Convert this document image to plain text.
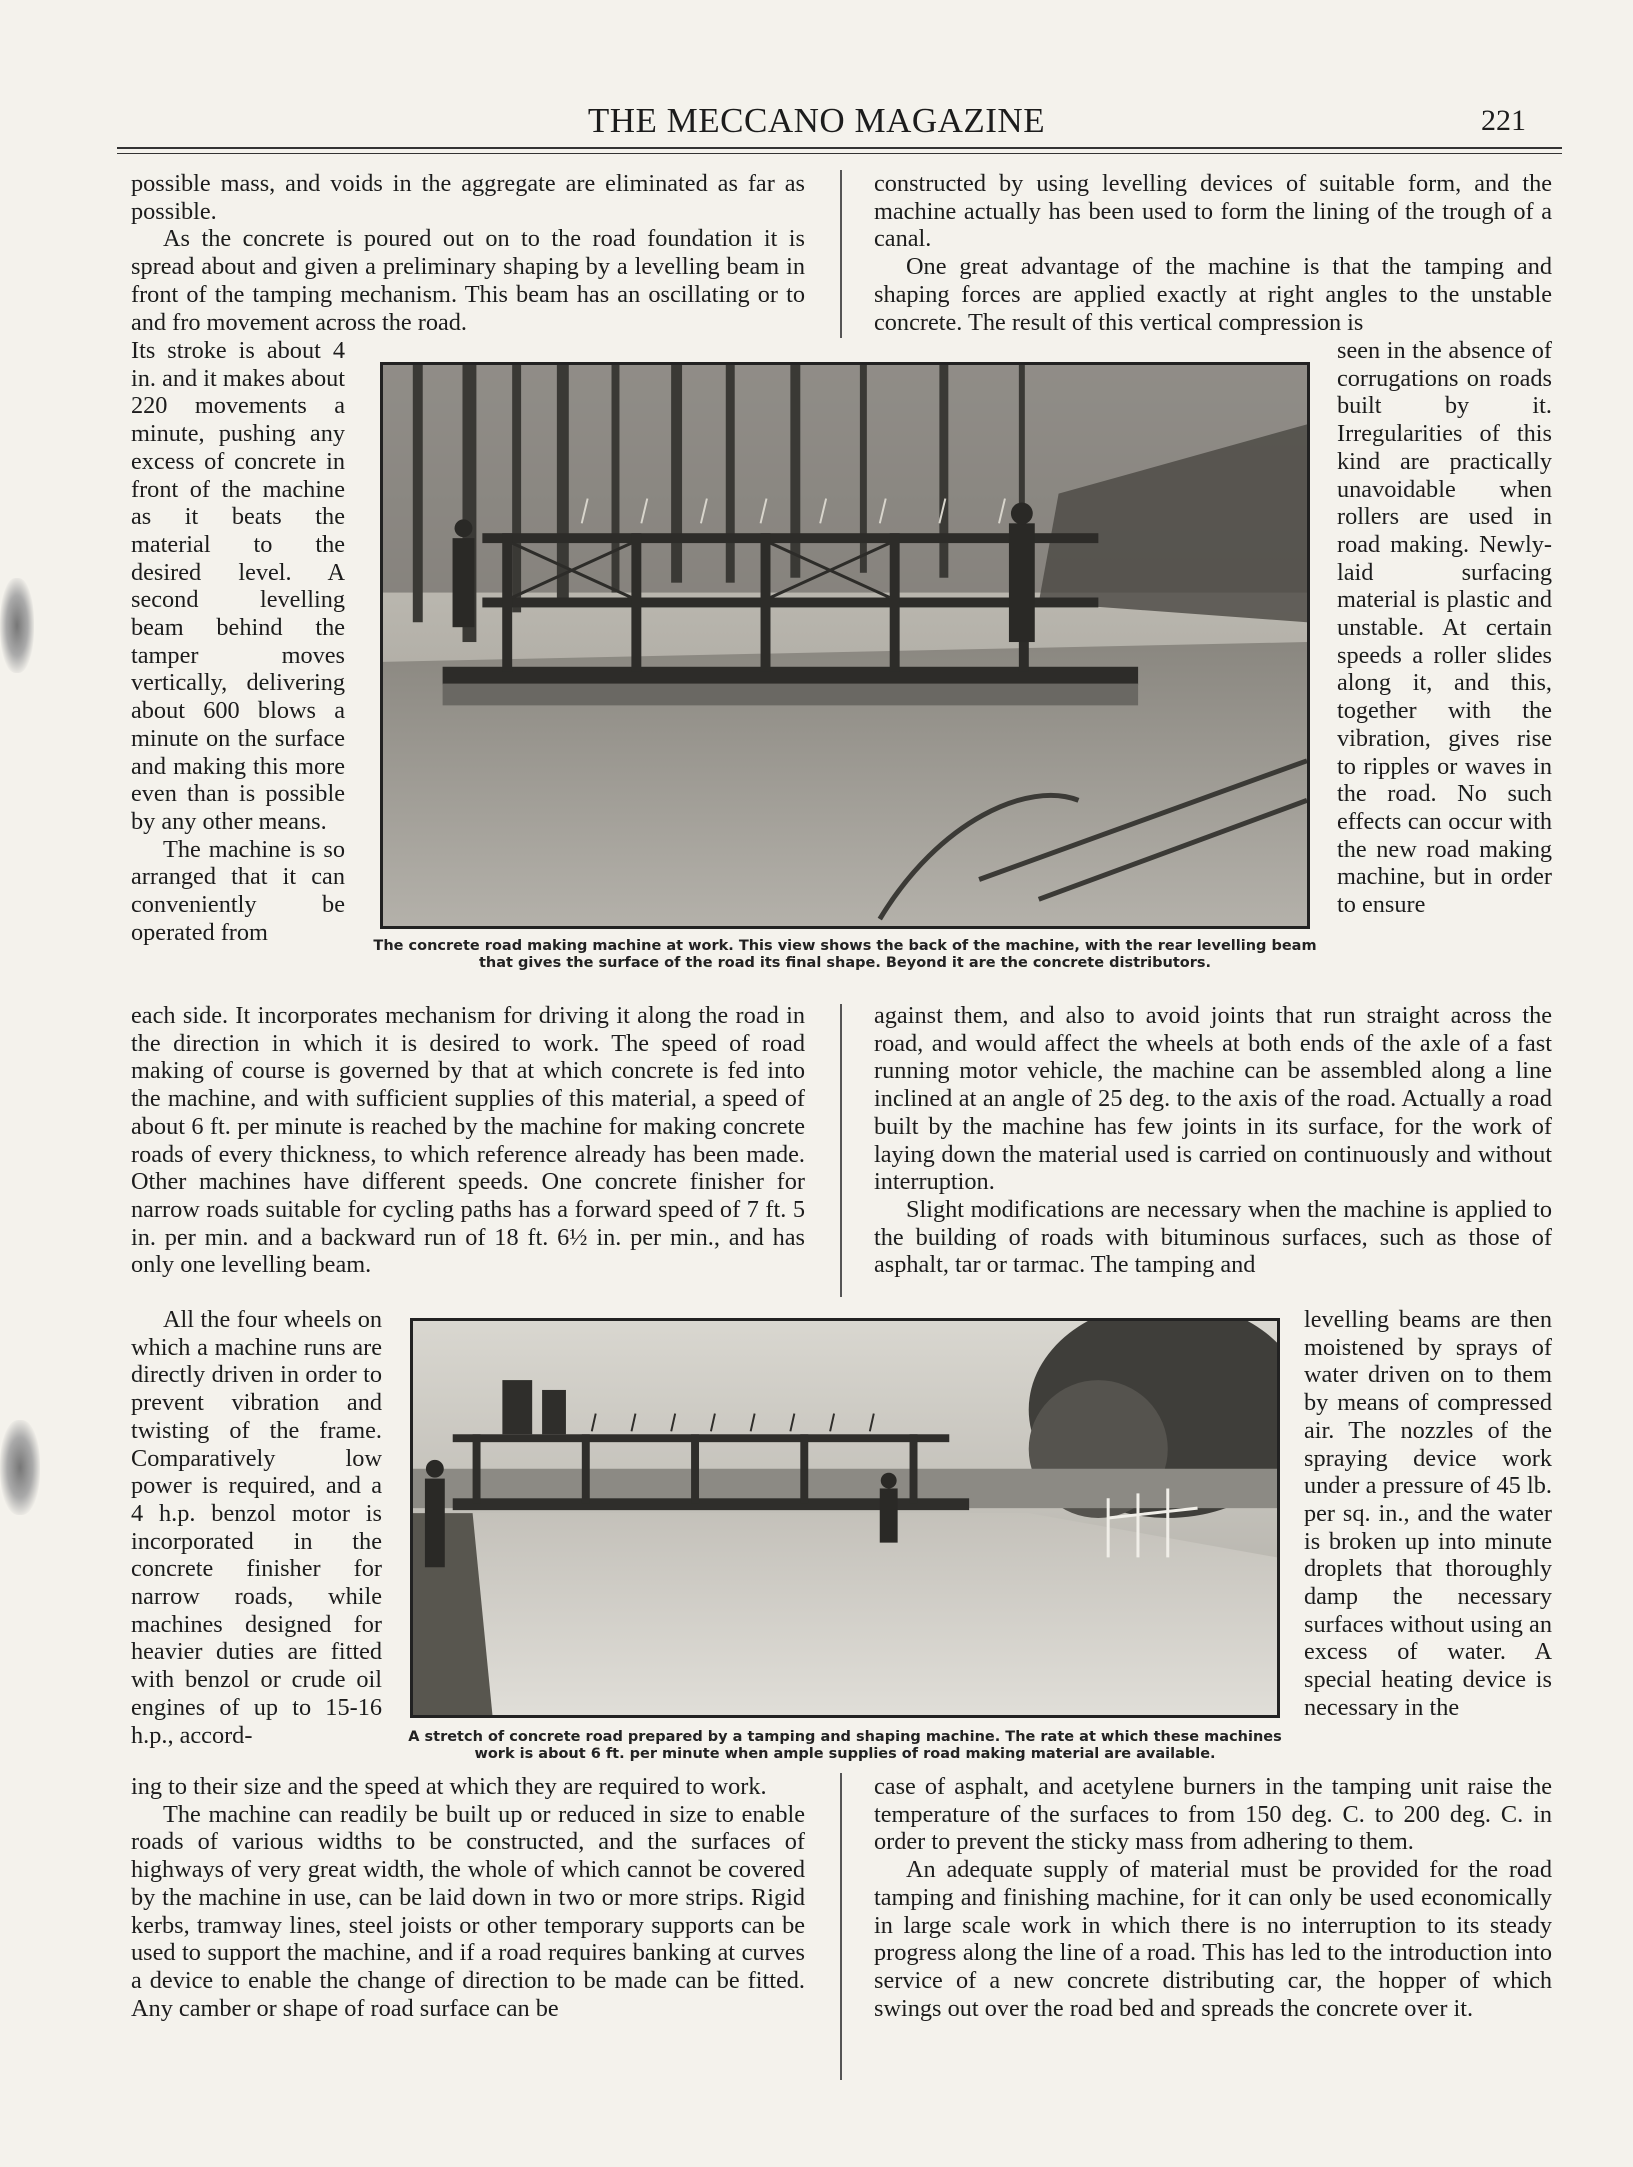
THE MECCANO MAGAZINE	221

possible mass, and voids in the aggregate are eliminated as far as possible.

As the concrete is poured out on to the road foundation it is spread about and given a preliminary shaping by a levelling beam in front of the tamping mechanism. This beam has an oscillating or to and fro movement across the road.

Its stroke is about 4 in. and it makes about 220 movements a minute, pushing any excess of concrete in front of the machine as it beats the material to the desired level. A second levelling beam behind the tamper moves vertically, delivering about 600 blows a minute on the surface and making this more even than is possible by any other means.

The machine is so arranged that it can conveniently be operated from

constructed by using levelling devices of suitable form, and the machine actually has been used to form the lining of the trough of a canal.

One great advantage of the machine is that the tamping and shaping forces are applied exactly at right angles to the unstable concrete. The result of this vertical compression is

seen in the absence of corrugations on roads built by it. Irregularities of this kind are practically unavoidable when rollers are used in road making. Newly-laid surfacing material is plastic and unstable. At certain speeds a roller slides along it, and this, together with the vibration, gives rise to ripples or waves in the road. No such effects can occur with the new road making machine, but in order to ensure

The concrete road making machine at work. This view shows the back of the machine, with the rear levelling beam
that gives the surface of the road its final shape. Beyond it are the concrete distributors.

each side. It incorporates mechanism for driving it along the road in the direction in which it is desired to work. The speed of road making of course is governed by that at which concrete is fed into the machine, and with sufficient supplies of this material, a speed of about 6 ft. per minute is reached by the machine for making concrete roads of every thickness, to which reference already has been made. Other machines have different speeds. One concrete finisher for narrow roads suitable for cycling paths has a forward speed of 7 ft. 5 in. per min. and a backward run of 18 ft. 6½ in. per min., and has only one levelling beam.

All the four wheels on which a machine runs are directly driven in order to prevent vibration and twisting of the frame. Comparatively low power is required, and a 4 h.p. benzol motor is incorporated in the concrete finisher for narrow roads, while machines designed for heavier duties are fitted with benzol or crude oil engines of up to 15-16 h.p., accord-

against them, and also to avoid joints that run straight across the road, and would affect the wheels at both ends of the axle of a fast running motor vehicle, the machine can be assembled along a line inclined at an angle of 25 deg. to the axis of the road. Actually a road built by the machine has few joints in its surface, for the work of laying down the material used is carried on continuously and without interruption.

Slight modifications are necessary when the machine is applied to the building of roads with bituminous surfaces, such as those of asphalt, tar or tarmac. The tamping and

levelling beams are then moistened by sprays of water driven on to them by means of compressed air. The nozzles of the spraying device work under a pressure of 45 lb. per sq. in., and the water is broken up into minute droplets that thoroughly damp the necessary surfaces without using an excess of water. A special heating device is necessary in the

A stretch of concrete road prepared by a tamping and shaping machine. The rate at which these machines
work is about 6 ft. per minute when ample supplies of road making material are available.

ing to their size and the speed at which they are required to work.

The machine can readily be built up or reduced in size to enable roads of various widths to be constructed, and the surfaces of highways of very great width, the whole of which cannot be covered by the machine in use, can be laid down in two or more strips. Rigid kerbs, tramway lines, steel joists or other temporary supports can be used to support the machine, and if a road requires banking at curves a device to enable the change of direction to be made can be fitted. Any camber or shape of road surface can be

case of asphalt, and acetylene burners in the tamping unit raise the temperature of the surfaces to from 150 deg. C. to 200 deg. C. in order to prevent the sticky mass from adhering to them.

An adequate supply of material must be provided for the road tamping and finishing machine, for it can only be used economically in large scale work in which there is no interruption to its steady progress along the line of a road. This has led to the introduction into service of a new concrete distributing car, the hopper of which swings out over the road bed and spreads the concrete over it.
